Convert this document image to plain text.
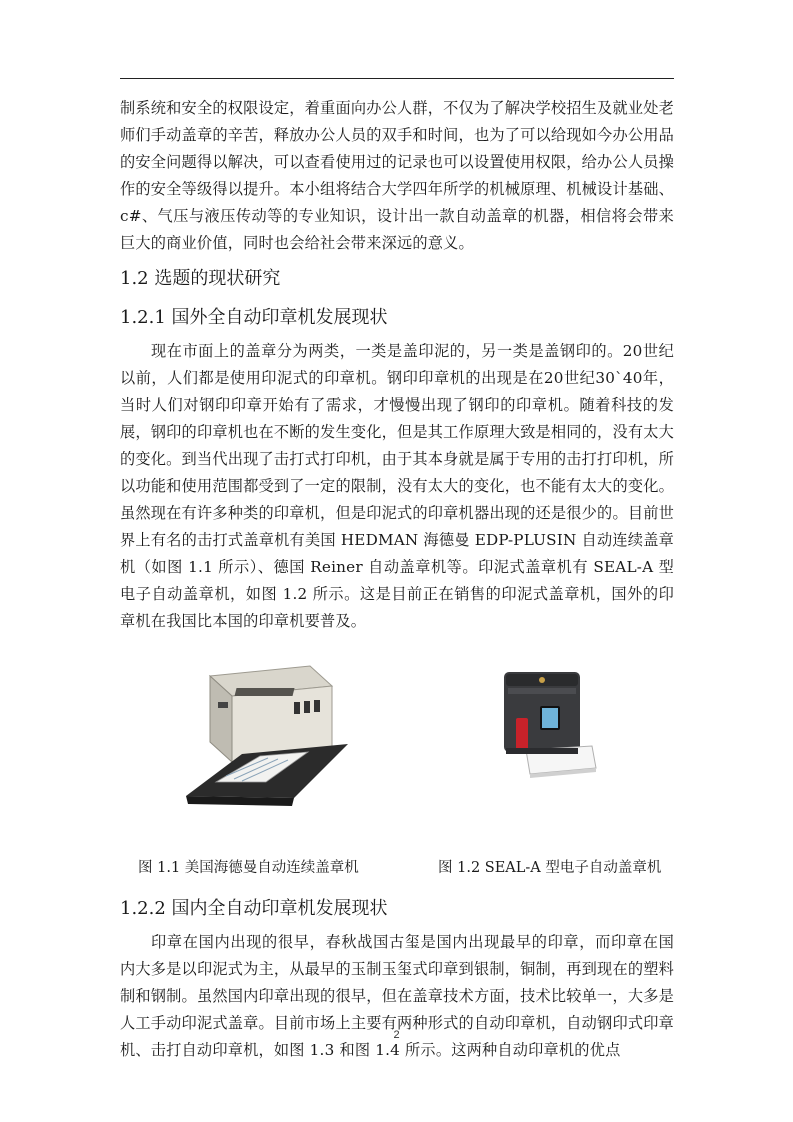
制系统和安全的权限设定，着重面向办公人群，不仅为了解决学校招生及就业处老师们手动盖章的辛苦，释放办公人员的双手和时间，也为了可以给现如今办公用品的安全问题得以解决，可以查看使用过的记录也可以设置使用权限，给办公人员操作的安全等级得以提升。本小组将结合大学四年所学的机械原理、机械设计基础、c#、气压与液压传动等的专业知识，设计出一款自动盖章的机器，相信将会带来巨大的商业价值，同时也会给社会带来深远的意义。

1.2 选题的现状研究
1.2.1 国外全自动印章机发展现状

现在市面上的盖章分为两类，一类是盖印泥的，另一类是盖钢印的。20世纪以前，人们都是使用印泥式的印章机。钢印印章机的出现是在20世纪30`40年，当时人们对钢印印章开始有了需求，才慢慢出现了钢印的印章机。随着科技的发展，钢印的印章机也在不断的发生变化，但是其工作原理大致是相同的，没有太大的变化。到当代出现了击打式打印机，由于其本身就是属于专用的击打打印机，所以功能和使用范围都受到了一定的限制，没有太大的变化，也不能有太大的变化。虽然现在有许多种类的印章机，但是印泥式的印章机器出现的还是很少的。目前世界上有名的击打式盖章机有美国 HEDMAN 海德曼 EDP-PLUSIN 自动连续盖章机（如图 1.1 所示）、德国 Reiner 自动盖章机等。印泥式盖章机有 SEAL-A 型电子自动盖章机，如图 1.2 所示。这是目前正在销售的印泥式盖章机，国外的印章机在我国比本国的印章机要普及。

图 1.1 美国海德曼自动连续盖章机	图 1.2 SEAL-A 型电子自动盖章机
1.2.2 国内全自动印章机发展现状

印章在国内出现的很早，春秋战国古玺是国内出现最早的印章，而印章在国内大多是以印泥式为主，从最早的玉制玉玺式印章到银制，铜制，再到现在的塑料制和钢制。虽然国内印章出现的很早，但在盖章技术方面，技术比较单一，大多是人工手动印泥式盖章。目前市场上主要有两种形式的自动印章机，自动钢印式印章机、击打自动印章机，如图 1.3 和图 1.4 所示。这两种自动印章机的优点

2
